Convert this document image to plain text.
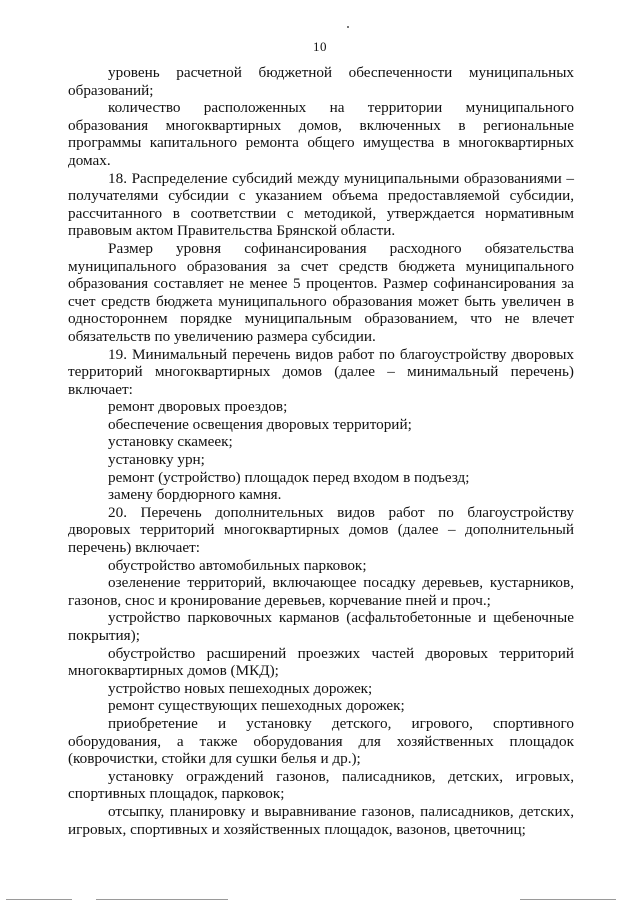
10

уровень расчетной бюджетной обеспеченности муниципальных образований;

количество расположенных на территории муниципального образования многоквартирных домов, включенных в региональные программы капитального ремонта общего имущества в многоквартирных домах.

18. Распределение субсидий между муниципальными образованиями – получателями субсидии с указанием объема предоставляемой субсидии, рассчитанного в соответствии с методикой, утверждается нормативным правовым актом Правительства Брянской области.

Размер уровня софинансирования расходного обязательства муниципального образования за счет средств бюджета муниципального образования составляет не менее 5 процентов. Размер софинансирования за счет средств бюджета муниципального образования может быть увеличен в одностороннем порядке муниципальным образованием, что не влечет обязательств по увеличению размера субсидии.

19. Минимальный перечень видов работ по благоустройству дворовых территорий многоквартирных домов (далее – минимальный перечень) включает:

ремонт дворовых проездов;

обеспечение освещения дворовых территорий;

установку скамеек;

установку урн;

ремонт (устройство) площадок перед входом в подъезд;

замену бордюрного камня.

20. Перечень дополнительных видов работ по благоустройству дворовых территорий многоквартирных домов (далее – дополнительный перечень) включает:

обустройство автомобильных парковок;

озеленение территорий, включающее посадку деревьев, кустарников, газонов, снос и кронирование деревьев, корчевание пней и проч.;

устройство парковочных карманов (асфальтобетонные и щебеночные покрытия);

обустройство расширений проезжих частей дворовых территорий многоквартирных домов (МКД);

устройство новых пешеходных дорожек;

ремонт существующих пешеходных дорожек;

приобретение и установку детского, игрового, спортивного оборудования, а также оборудования для хозяйственных площадок (коврочистки, стойки для сушки белья и др.);

установку ограждений газонов, палисадников, детских, игровых, спортивных площадок, парковок;

отсыпку, планировку и выравнивание газонов, палисадников, детских, игровых, спортивных и хозяйственных площадок, вазонов, цветочниц;
